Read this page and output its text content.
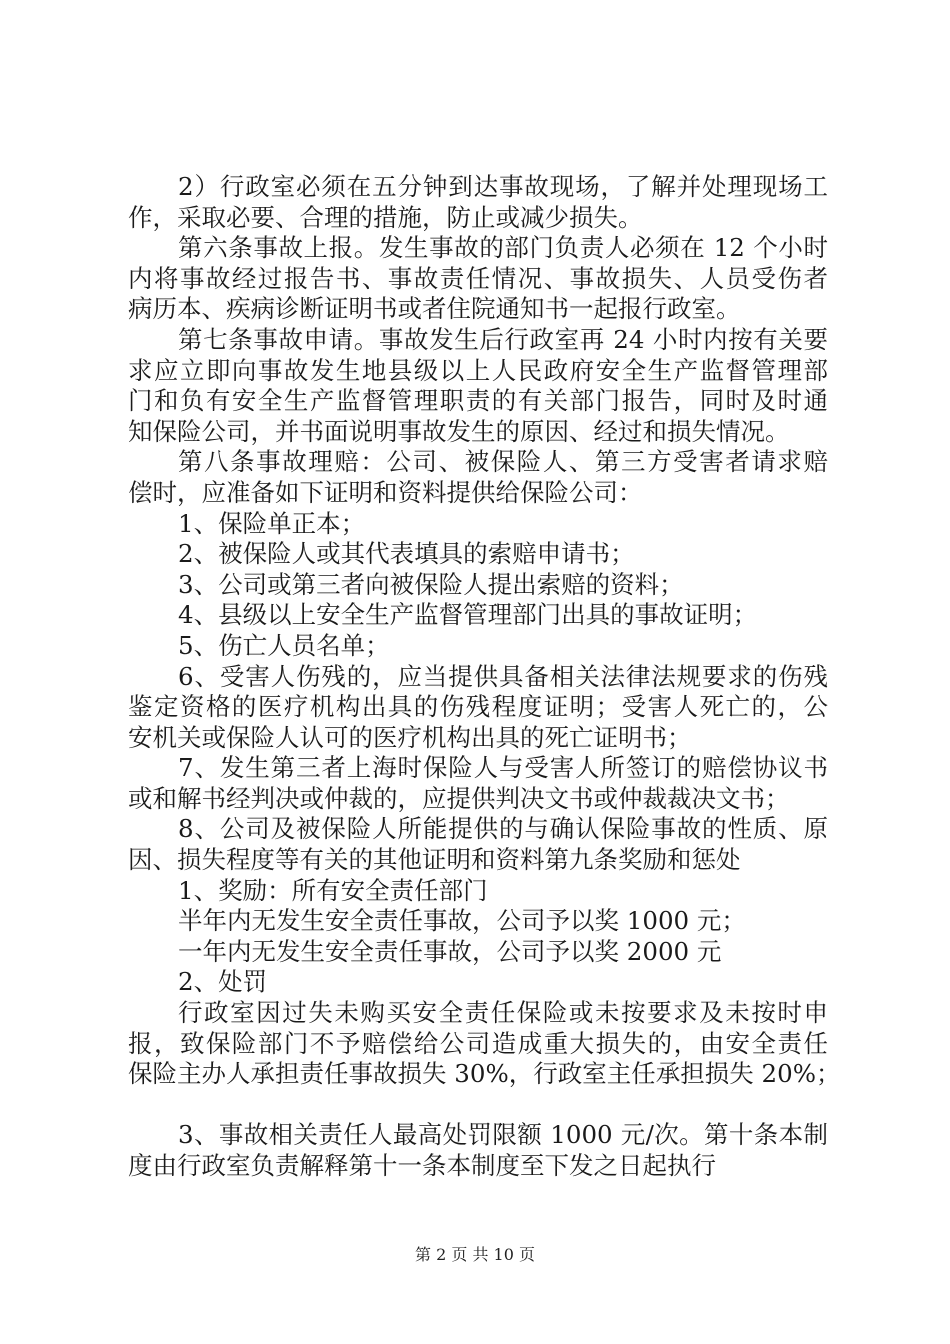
2）行政室必须在五分钟到达事故现场，了解并处理现场工
作，采取必要、合理的措施，防止或减少损失。
第六条事故上报。发生事故的部门负责人必须在 12 个小时
内将事故经过报告书、事故责任情况、事故损失、人员受伤者
病历本、疾病诊断证明书或者住院通知书一起报行政室。
第七条事故申请。事故发生后行政室再 24 小时内按有关要
求应立即向事故发生地县级以上人民政府安全生产监督管理部
门和负有安全生产监督管理职责的有关部门报告，同时及时通
知保险公司，并书面说明事故发生的原因、经过和损失情况。
第八条事故理赔：公司、被保险人、第三方受害者请求赔
偿时，应准备如下证明和资料提供给保险公司：
1、保险单正本；
2、被保险人或其代表填具的索赔申请书；
3、公司或第三者向被保险人提出索赔的资料；
4、县级以上安全生产监督管理部门出具的事故证明；
5、伤亡人员名单；
6、受害人伤残的，应当提供具备相关法律法规要求的伤残
鉴定资格的医疗机构出具的伤残程度证明；受害人死亡的，公
安机关或保险人认可的医疗机构出具的死亡证明书；
7、发生第三者上海时保险人与受害人所签订的赔偿协议书
或和解书经判决或仲裁的，应提供判决文书或仲裁裁决文书；
8、公司及被保险人所能提供的与确认保险事故的性质、原
因、损失程度等有关的其他证明和资料第九条奖励和惩处
1、奖励：所有安全责任部门
半年内无发生安全责任事故，公司予以奖 1000 元；
一年内无发生安全责任事故，公司予以奖 2000 元
2、处罚
行政室因过失未购买安全责任保险或未按要求及未按时申
报，致保险部门不予赔偿给公司造成重大损失的，由安全责任
保险主办人承担责任事故损失 30%，行政室主任承担损失 20%；
3、事故相关责任人最高处罚限额 1000 元/次。第十条本制
度由行政室负责解释第十一条本制度至下发之日起执行
第 2 页 共 10 页
